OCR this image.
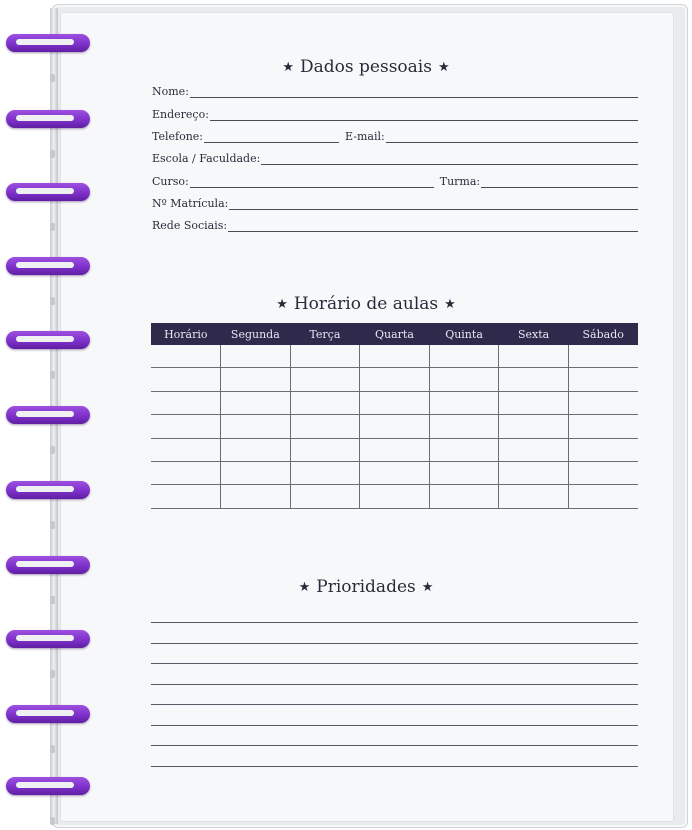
★ Dados pessoais ★
Nome:
Endereço:
Telefone:	E-mail:
Escola / Faculdade:
Curso:	Turma:
Nº Matrícula:
Rede Sociais:
★ Horário de aulas ★
Horário	Segunda	Terça	Quarta	Quinta	Sexta	Sábado

★ Prioridades ★
